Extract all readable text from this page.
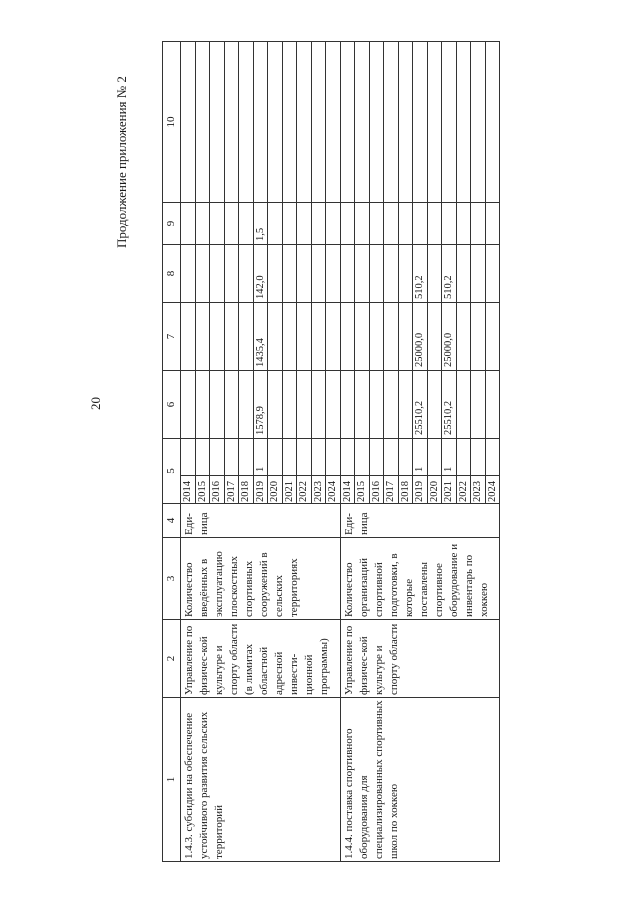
20
Продолжение приложения № 2
1	2	3	4	5		6	7	8	9	10
1.4.3. субсидии на обеспечение устойчивого развития сельских территорий	Управление по физичес-кой культуре и спорту области (в лимитах областной адресной инвести-ционной программы)	Количество введённых в эксплуатацию плоскостных спортивных сооружений в сельских территориях	Еди-ница	2014						
				2015						
				2016						
				2017						
				2018						
				2019	1	1578,9	1435,4	142,0	1,5	
				2020						
				2021						
				2022						
				2023						
				2024						
1.4.4. поставка спортивного оборудования для специализированных спортивных школ по хоккею	Управление по физичес-кой культуре и спорту области	Количество организаций спортивной подготовки, в которые поставлены спортивное оборудование и инвентарь по хоккею	Еди-ница	2014						
				2015						
				2016						
				2017						
				2018						
				2019	1	25510,2	25000,0	510,2		
				2020						
				2021	1	25510,2	25000,0	510,2		
				2022						
				2023						
				2024						
